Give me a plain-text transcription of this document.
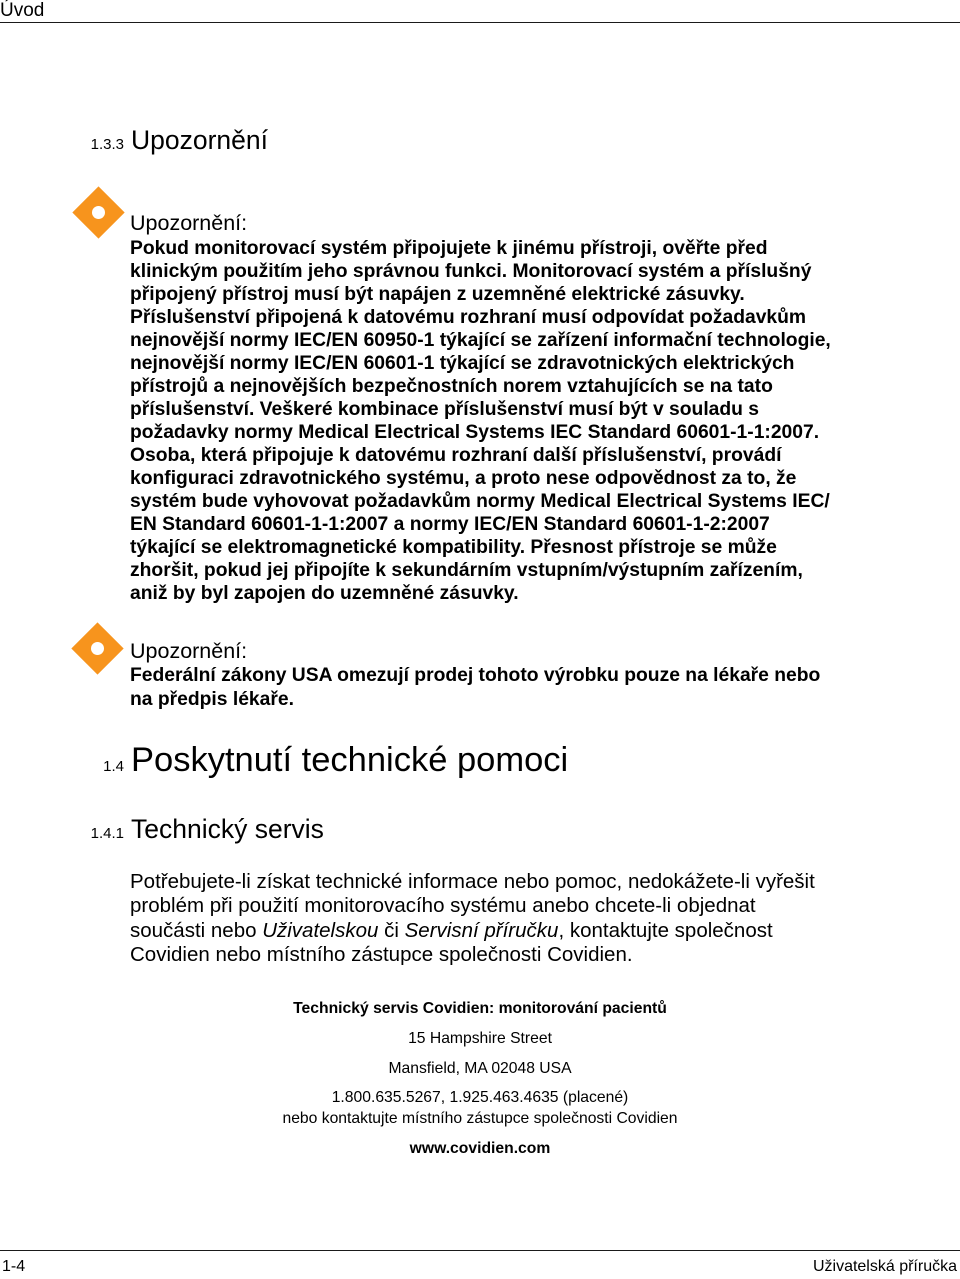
Úvod
1.3.3 Upozornění
Upozornění:
Pokud monitorovací systém připojujete k jinému přístroji, ověřte před
klinickým použitím jeho správnou funkci. Monitorovací systém a příslušný
připojený přístroj musí být napájen z uzemněné elektrické zásuvky.
Příslušenství připojená k datovému rozhraní musí odpovídat požadavkům
nejnovější normy IEC/EN 60950-1 týkající se zařízení informační technologie,
nejnovější normy IEC/EN 60601-1 týkající se zdravotnických elektrických
přístrojů a nejnovějších bezpečnostních norem vztahujících se na tato
příslušenství. Veškeré kombinace příslušenství musí být v souladu s
požadavky normy Medical Electrical Systems IEC Standard 60601-1-1:2007.
Osoba, která připojuje k datovému rozhraní další příslušenství, provádí
konfiguraci zdravotnického systému, a proto nese odpovědnost za to, že
systém bude vyhovovat požadavkům normy Medical Electrical Systems IEC/
EN Standard 60601-1-1:2007 a normy IEC/EN Standard 60601-1-2:2007
týkající se elektromagnetické kompatibility. Přesnost přístroje se může
zhoršit, pokud jej připojíte k sekundárním vstupním/výstupním zařízením,
aniž by byl zapojen do uzemněné zásuvky.
Upozornění:
Federální zákony USA omezují prodej tohoto výrobku pouze na lékaře nebo
na předpis lékaře.
1.4 Poskytnutí technické pomoci
1.4.1 Technický servis
Potřebujete-li získat technické informace nebo pomoc, nedokážete-li vyřešit
problém při použití monitorovacího systému anebo chcete-li objednat
součásti nebo Uživatelskou či Servisní příručku, kontaktujte společnost
Covidien nebo místního zástupce společnosti Covidien.
Technický servis Covidien: monitorování pacientů
15 Hampshire Street
Mansfield, MA 02048 USA
1.800.635.5267, 1.925.463.4635 (placené)
nebo kontaktujte místního zástupce společnosti Covidien
www.covidien.com
1-4	Uživatelská příručka
